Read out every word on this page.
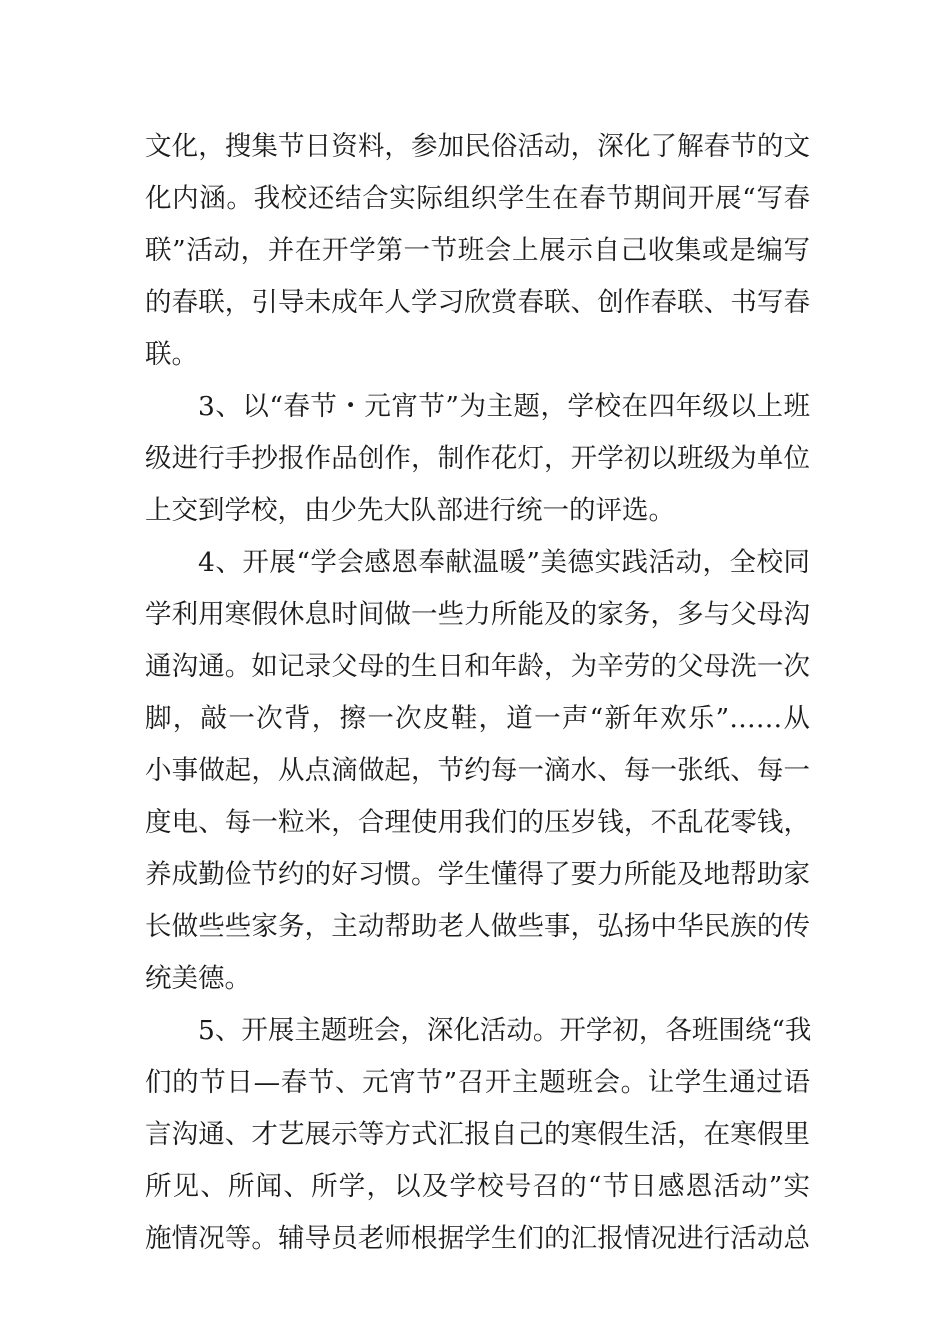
文化，搜集节日资料，参加民俗活动，深化了解春节的文
化内涵。我校还结合实际组织学生在春节期间开展“写春
联”活动，并在开学第一节班会上展示自己收集或是编写
的春联，引导未成年人学习欣赏春联、创作春联、书写春
联。
3、以“春节・元宵节”为主题，学校在四年级以上班
级进行手抄报作品创作，制作花灯，开学初以班级为单位
上交到学校，由少先大队部进行统一的评选。
4、开展“学会感恩奉献温暖”美德实践活动，全校同
学利用寒假休息时间做一些力所能及的家务，多与父母沟
通沟通。如记录父母的生日和年龄，为辛劳的父母洗一次
脚，敲一次背，擦一次皮鞋，道一声“新年欢乐”……从
小事做起，从点滴做起，节约每一滴水、每一张纸、每一
度电、每一粒米，合理使用我们的压岁钱，不乱花零钱，
养成勤俭节约的好习惯。学生懂得了要力所能及地帮助家
长做些些家务，主动帮助老人做些事，弘扬中华民族的传
统美德。
5、开展主题班会，深化活动。开学初，各班围绕“我
们的节日—春节、元宵节”召开主题班会。让学生通过语
言沟通、才艺展示等方式汇报自己的寒假生活，在寒假里
所见、所闻、所学，以及学校号召的“节日感恩活动”实
施情况等。辅导员老师根据学生们的汇报情况进行活动总
